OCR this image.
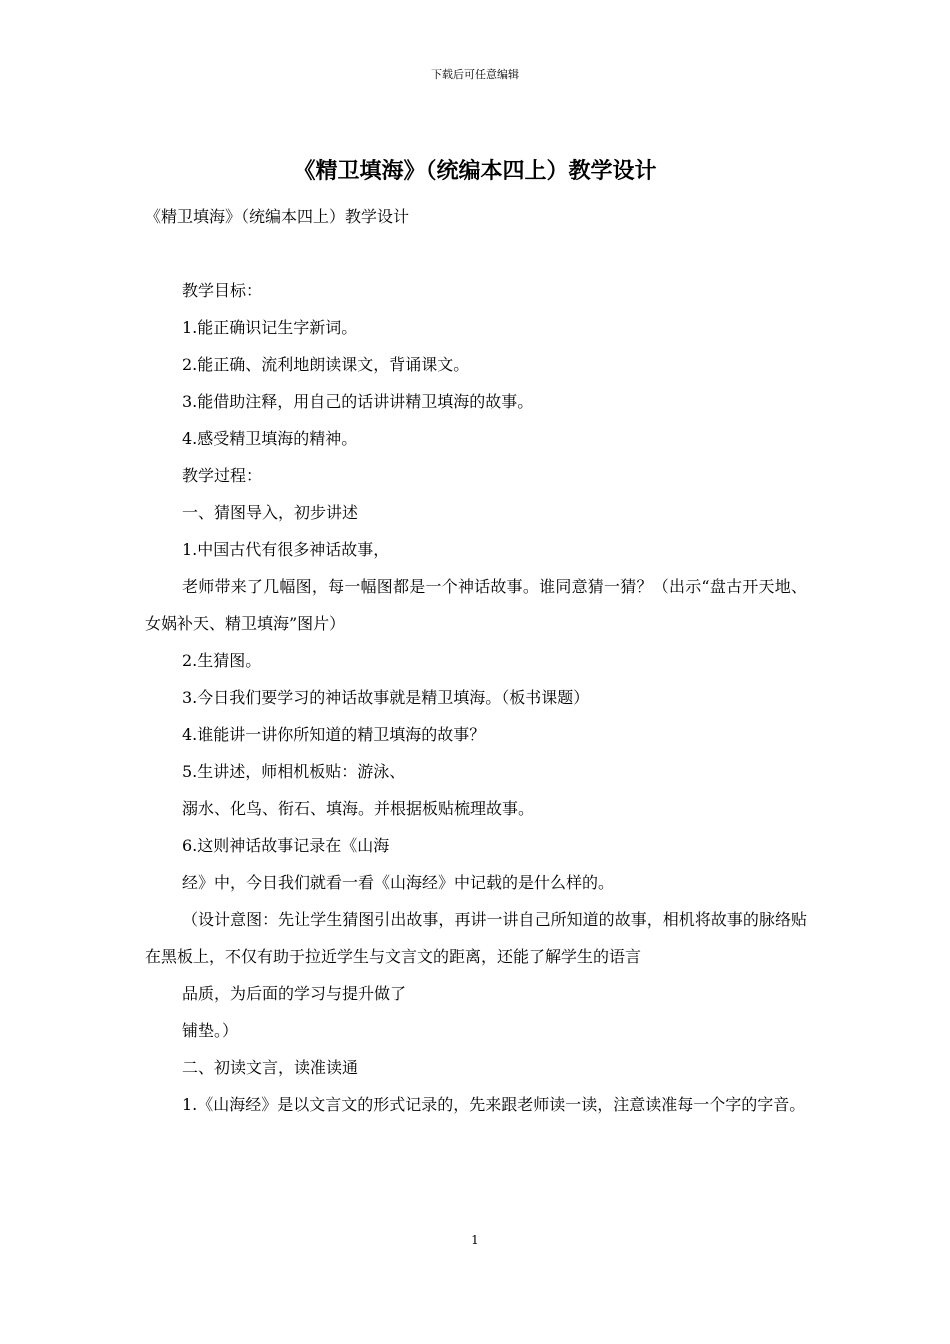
下载后可任意编辑
《精卫填海》（统编本四上）教学设计
《精卫填海》（统编本四上）教学设计
教学目标：
1.能正确识记生字新词。
2.能正确、流利地朗读课文，背诵课文。
3.能借助注释，用自己的话讲讲精卫填海的故事。
4.感受精卫填海的精神。
教学过程：
一、猜图导入，初步讲述
1.中国古代有很多神话故事，
老师带来了几幅图，每一幅图都是一个神话故事。谁同意猜一猜？（出示“盘古开天地、女娲补天、精卫填海”图片）
2.生猜图。
3.今日我们要学习的神话故事就是精卫填海。（板书课题）
4.谁能讲一讲你所知道的精卫填海的故事？
5.生讲述，师相机板贴：游泳、
溺水、化鸟、衔石、填海。并根据板贴梳理故事。
6.这则神话故事记录在《山海
经》中，今日我们就看一看《山海经》中记载的是什么样的。
（设计意图：先让学生猜图引出故事，再讲一讲自己所知道的故事，相机将故事的脉络贴在黑板上，不仅有助于拉近学生与文言文的距离，还能了解学生的语言
品质，为后面的学习与提升做了
铺垫。）
二、初读文言，读准读通
1.《山海经》是以文言文的形式记录的，先来跟老师读一读，注意读准每一个字的字音。
1
